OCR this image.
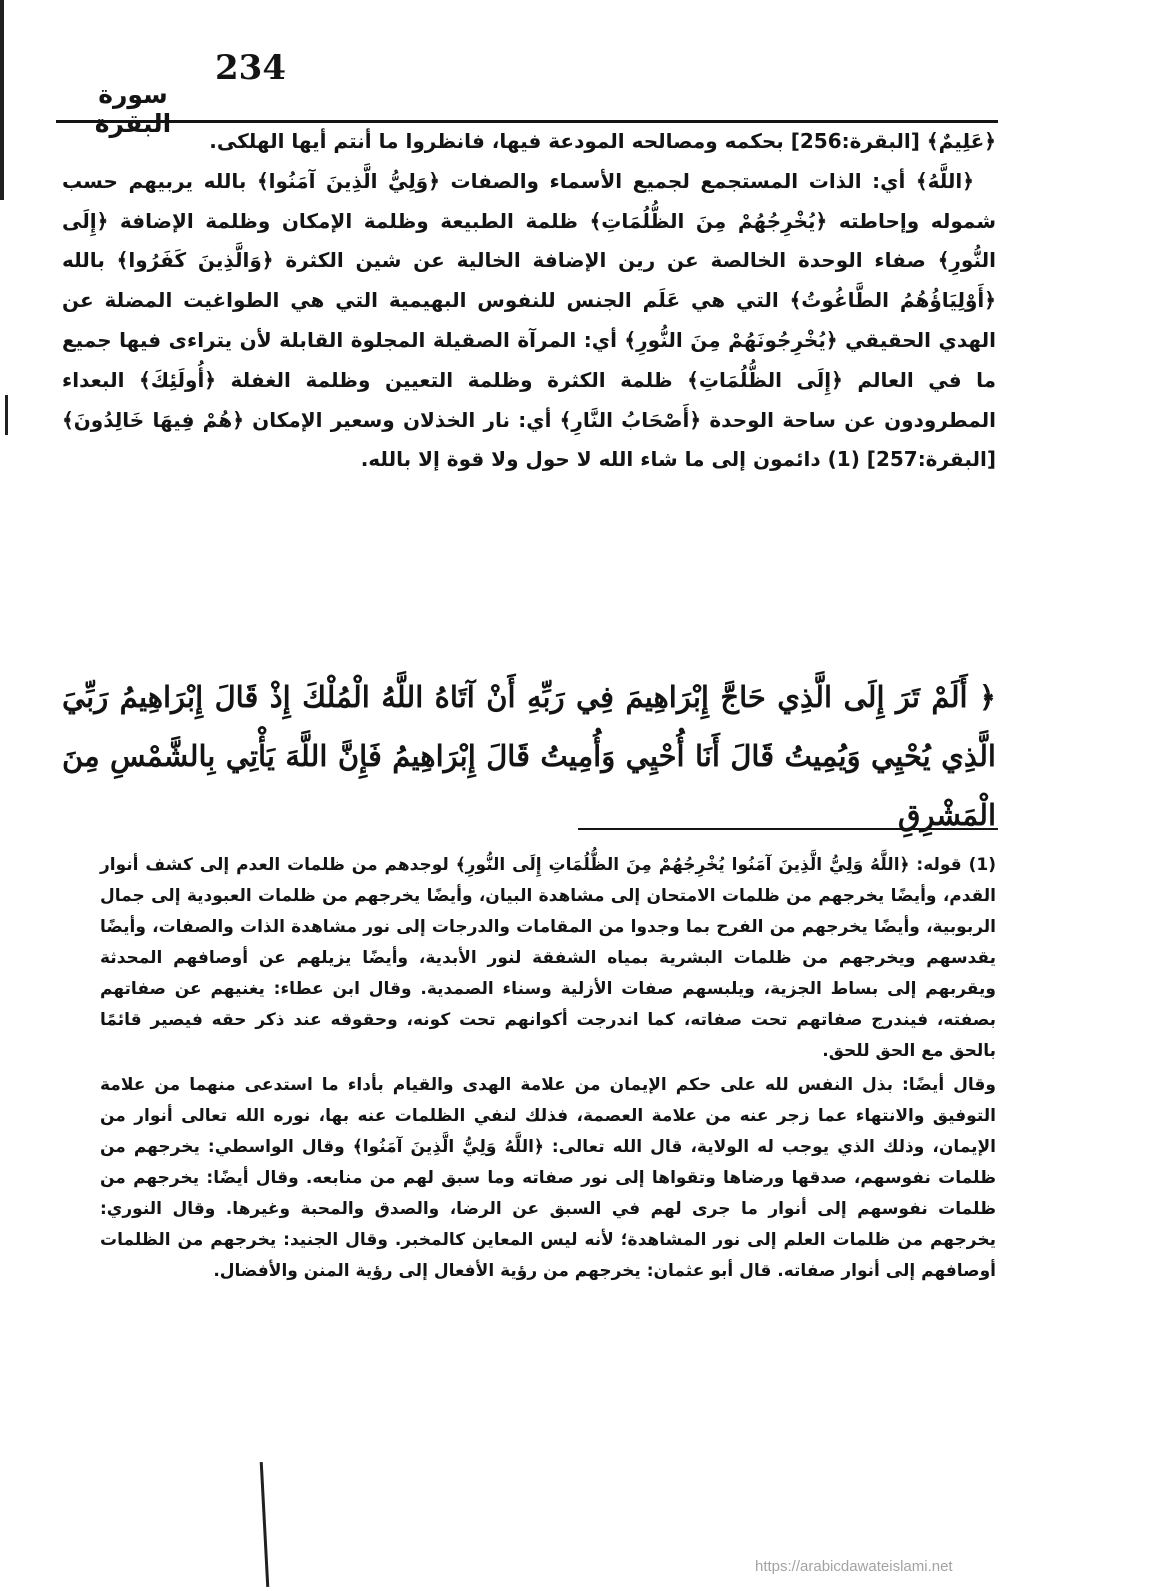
234
سورة البقرة

﴿عَلِيمٌ﴾ [البقرة:256] بحكمه ومصالحه المودعة فيها، فانظروا ما أنتم أيها الهلكى.

﴿اللَّهُ﴾ أي: الذات المستجمع لجميع الأسماء والصفات ﴿وَلِيُّ الَّذِينَ آمَنُوا﴾ بالله يربيهم حسب شموله وإحاطته ﴿يُخْرِجُهُمْ مِنَ الظُّلُمَاتِ﴾ ظلمة الطبيعة وظلمة الإمكان وظلمة الإضافة ﴿إِلَى النُّورِ﴾ صفاء الوحدة الخالصة عن رين الإضافة الخالية عن شين الكثرة ﴿وَالَّذِينَ كَفَرُوا﴾ بالله ﴿أَوْلِيَاؤُهُمُ الطَّاغُوتُ﴾ التي هي عَلَم الجنس للنفوس البهيمية التي هي الطواغيت المضلة عن الهدي الحقيقي ﴿يُخْرِجُونَهُمْ مِنَ النُّورِ﴾ أي: المرآة الصقيلة المجلوة القابلة لأن يتراءى فيها جميع ما في العالم ﴿إِلَى الظُّلُمَاتِ﴾ ظلمة الكثرة وظلمة التعيين وظلمة الغفلة ﴿أُولَئِكَ﴾ البعداء المطرودون عن ساحة الوحدة ﴿أَصْحَابُ النَّارِ﴾ أي: نار الخذلان وسعير الإمكان ﴿هُمْ فِيهَا خَالِدُونَ﴾ [البقرة:257] (1) دائمون إلى ما شاء الله لا حول ولا قوة إلا بالله.

﴿ أَلَمْ تَرَ إِلَى الَّذِي حَاجَّ إِبْرَاهِيمَ فِي رَبِّهِ أَنْ آتَاهُ اللَّهُ الْمُلْكَ إِذْ قَالَ إِبْرَاهِيمُ رَبِّيَ الَّذِي يُحْيِي وَيُمِيتُ قَالَ أَنَا أُحْيِي وَأُمِيتُ قَالَ إِبْرَاهِيمُ فَإِنَّ اللَّهَ يَأْتِي بِالشَّمْسِ مِنَ الْمَشْرِقِ

(1) قوله: ﴿اللَّهُ وَلِيُّ الَّذِينَ آمَنُوا يُخْرِجُهُمْ مِنَ الظُّلُمَاتِ إِلَى النُّورِ﴾ لوجدهم من ظلمات العدم إلى كشف أنوار القدم، وأيضًا يخرجهم من ظلمات الامتحان إلى مشاهدة البيان، وأيضًا يخرجهم من ظلمات العبودية إلى جمال الربوبية، وأيضًا يخرجهم من الفرح بما وجدوا من المقامات والدرجات إلى نور مشاهدة الذات والصفات، وأيضًا يقدسهم ويخرجهم من ظلمات البشرية بمياه الشفقة لنور الأبدية، وأيضًا يزيلهم عن أوصافهم المحدثة ويقربهم إلى بساط الجزية، ويلبسهم صفات الأزلية وسناء الصمدية. وقال ابن عطاء: يغنيهم عن صفاتهم بصفته، فيندرج صفاتهم تحت صفاته، كما اندرجت أكوانهم تحت كونه، وحقوقه عند ذكر حقه فيصير قائمًا بالحق مع الحق للحق.

وقال أيضًا: بذل النفس لله على حكم الإيمان من علامة الهدى والقيام بأداء ما استدعى منهما من علامة التوفيق والانتهاء عما زجر عنه من علامة العصمة، فذلك لنفي الظلمات عنه بها، نوره الله تعالى أنوار من الإيمان، وذلك الذي يوجب له الولاية، قال الله تعالى: ﴿اللَّهُ وَلِيُّ الَّذِينَ آمَنُوا﴾ وقال الواسطي: يخرجهم من ظلمات نفوسهم، صدقها ورضاها وتقواها إلى نور صفاته وما سبق لهم من منابعه. وقال أيضًا: يخرجهم من ظلمات نفوسهم إلى أنوار ما جرى لهم في السبق عن الرضا، والصدق والمحبة وغيرها. وقال النوري: يخرجهم من ظلمات العلم إلى نور المشاهدة؛ لأنه ليس المعاين كالمخبر. وقال الجنيد: يخرجهم من الظلمات أوصافهم إلى أنوار صفاته. قال أبو عثمان: يخرجهم من رؤية الأفعال إلى رؤية المنن والأفضال.

https://arabicdawateislami.net
